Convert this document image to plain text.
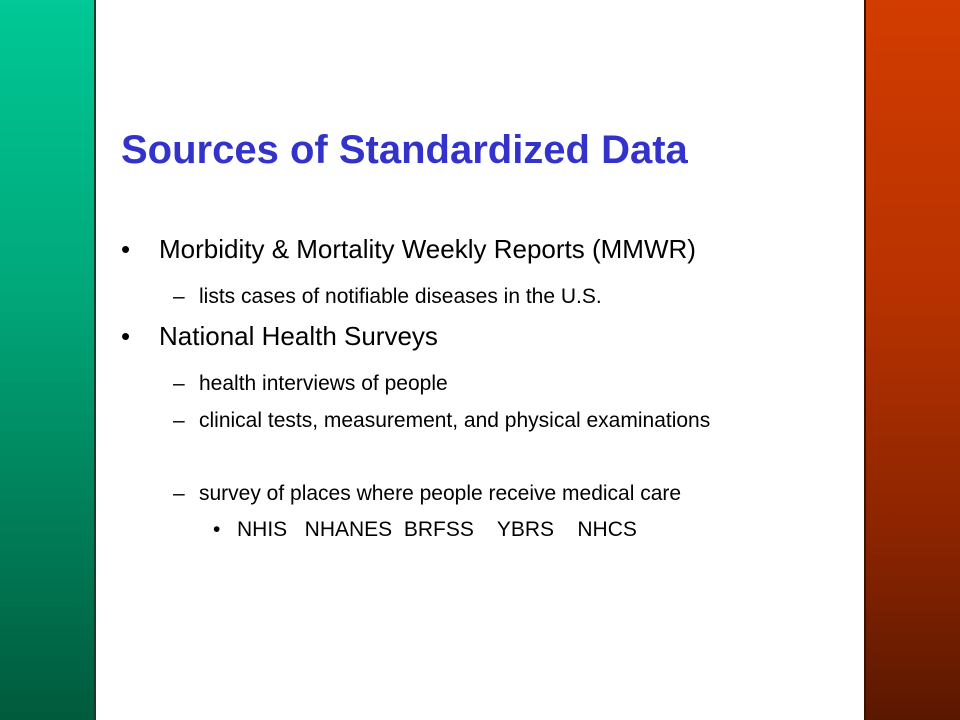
Sources of Standardized Data
• Morbidity & Mortality Weekly Reports (MMWR)
– lists cases of notifiable diseases in the U.S.
• National Health Surveys
– health interviews of people
– clinical tests, measurement, and physical examinations
– survey of places where people receive medical care
• NHIS   NHANES  BRFSS    YBRS    NHCS
